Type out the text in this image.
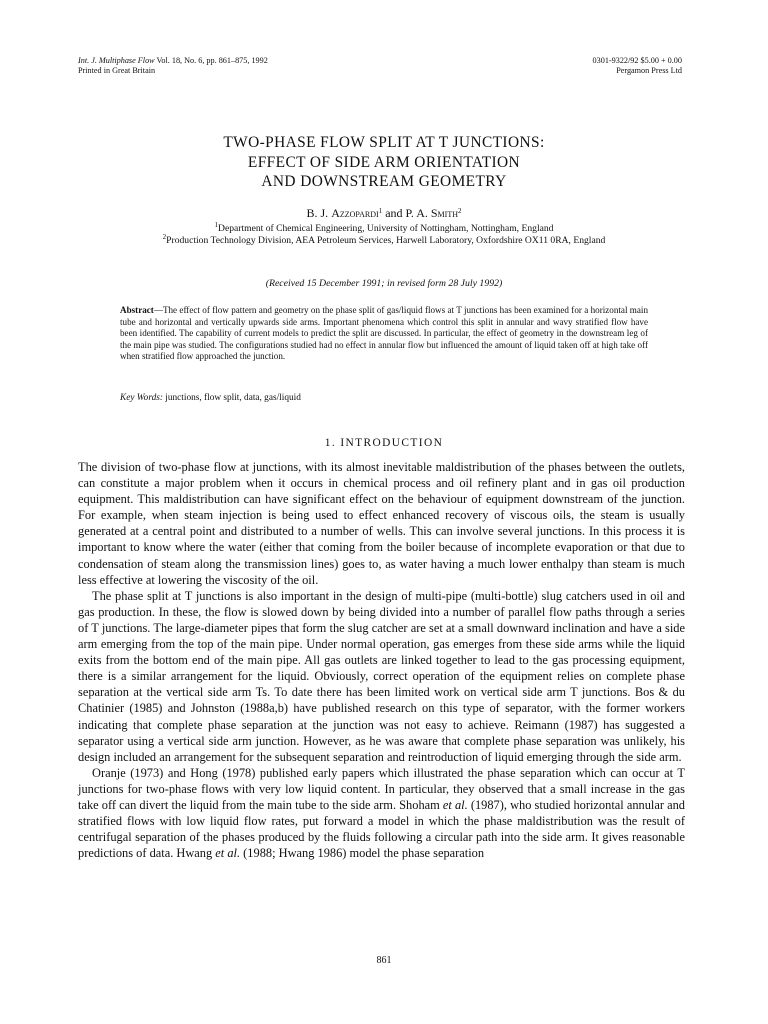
Int. J. Multiphase Flow Vol. 18, No. 6, pp. 861–875, 1992
Printed in Great Britain
0301-9322/92 $5.00 + 0.00
Pergamon Press Ltd
TWO-PHASE FLOW SPLIT AT T JUNCTIONS:
EFFECT OF SIDE ARM ORIENTATION
AND DOWNSTREAM GEOMETRY
B. J. Azzopardi$^1$ and P. A. Smith$^2$
$^1$Department of Chemical Engineering, University of Nottingham, Nottingham, England
$^2$Production Technology Division, AEA Petroleum Services, Harwell Laboratory, Oxfordshire OX11 0RA, England
(Received 15 December 1991; in revised form 28 July 1992)
Abstract—The effect of flow pattern and geometry on the phase split of gas/liquid flows at T junctions has been examined for a horizontal main tube and horizontal and vertically upwards side arms. Important phenomena which control this split in annular and wavy stratified flow have been identified. The capability of current models to predict the split are discussed. In particular, the effect of geometry in the downstream leg of the main pipe was studied. The configurations studied had no effect in annular flow but influenced the amount of liquid taken off at high take off when stratified flow approached the junction.
Key Words: junctions, flow split, data, gas/liquid
1. INTRODUCTION

The division of two-phase flow at junctions, with its almost inevitable maldistribution of the phases between the outlets, can constitute a major problem when it occurs in chemical process and oil refinery plant and in gas oil production equipment. This maldistribution can have significant effect on the behaviour of equipment downstream of the junction. For example, when steam injection is being used to effect enhanced recovery of viscous oils, the steam is usually generated at a central point and distributed to a number of wells. This can involve several junctions. In this process it is important to know where the water (either that coming from the boiler because of incomplete evaporation or that due to condensation of steam along the transmission lines) goes to, as water having a much lower enthalpy than steam is much less effective at lowering the viscosity of the oil.

The phase split at T junctions is also important in the design of multi-pipe (multi-bottle) slug catchers used in oil and gas production. In these, the flow is slowed down by being divided into a number of parallel flow paths through a series of T junctions. The large-diameter pipes that form the slug catcher are set at a small downward inclination and have a side arm emerging from the top of the main pipe. Under normal operation, gas emerges from these side arms while the liquid exits from the bottom end of the main pipe. All gas outlets are linked together to lead to the gas processing equipment, there is a similar arrangement for the liquid. Obviously, correct operation of the equipment relies on complete phase separation at the vertical side arm Ts. To date there has been limited work on vertical side arm T junctions. Bos & du Chatinier (1985) and Johnston (1988a,b) have published research on this type of separator, with the former workers indicating that complete phase separation at the junction was not easy to achieve. Reimann (1987) has suggested a separator using a vertical side arm junction. However, as he was aware that complete phase separation was unlikely, his design included an arrangement for the subsequent separation and reintroduction of liquid emerging through the side arm.

Oranje (1973) and Hong (1978) published early papers which illustrated the phase separation which can occur at T junctions for two-phase flows with very low liquid content. In particular, they observed that a small increase in the gas take off can divert the liquid from the main tube to the side arm. Shoham et al. (1987), who studied horizontal annular and stratified flows with low liquid flow rates, put forward a model in which the phase maldistribution was the result of centrifugal separation of the phases produced by the fluids following a circular path into the side arm. It gives reasonable predictions of data. Hwang et al. (1988; Hwang 1986) model the phase separation

861
